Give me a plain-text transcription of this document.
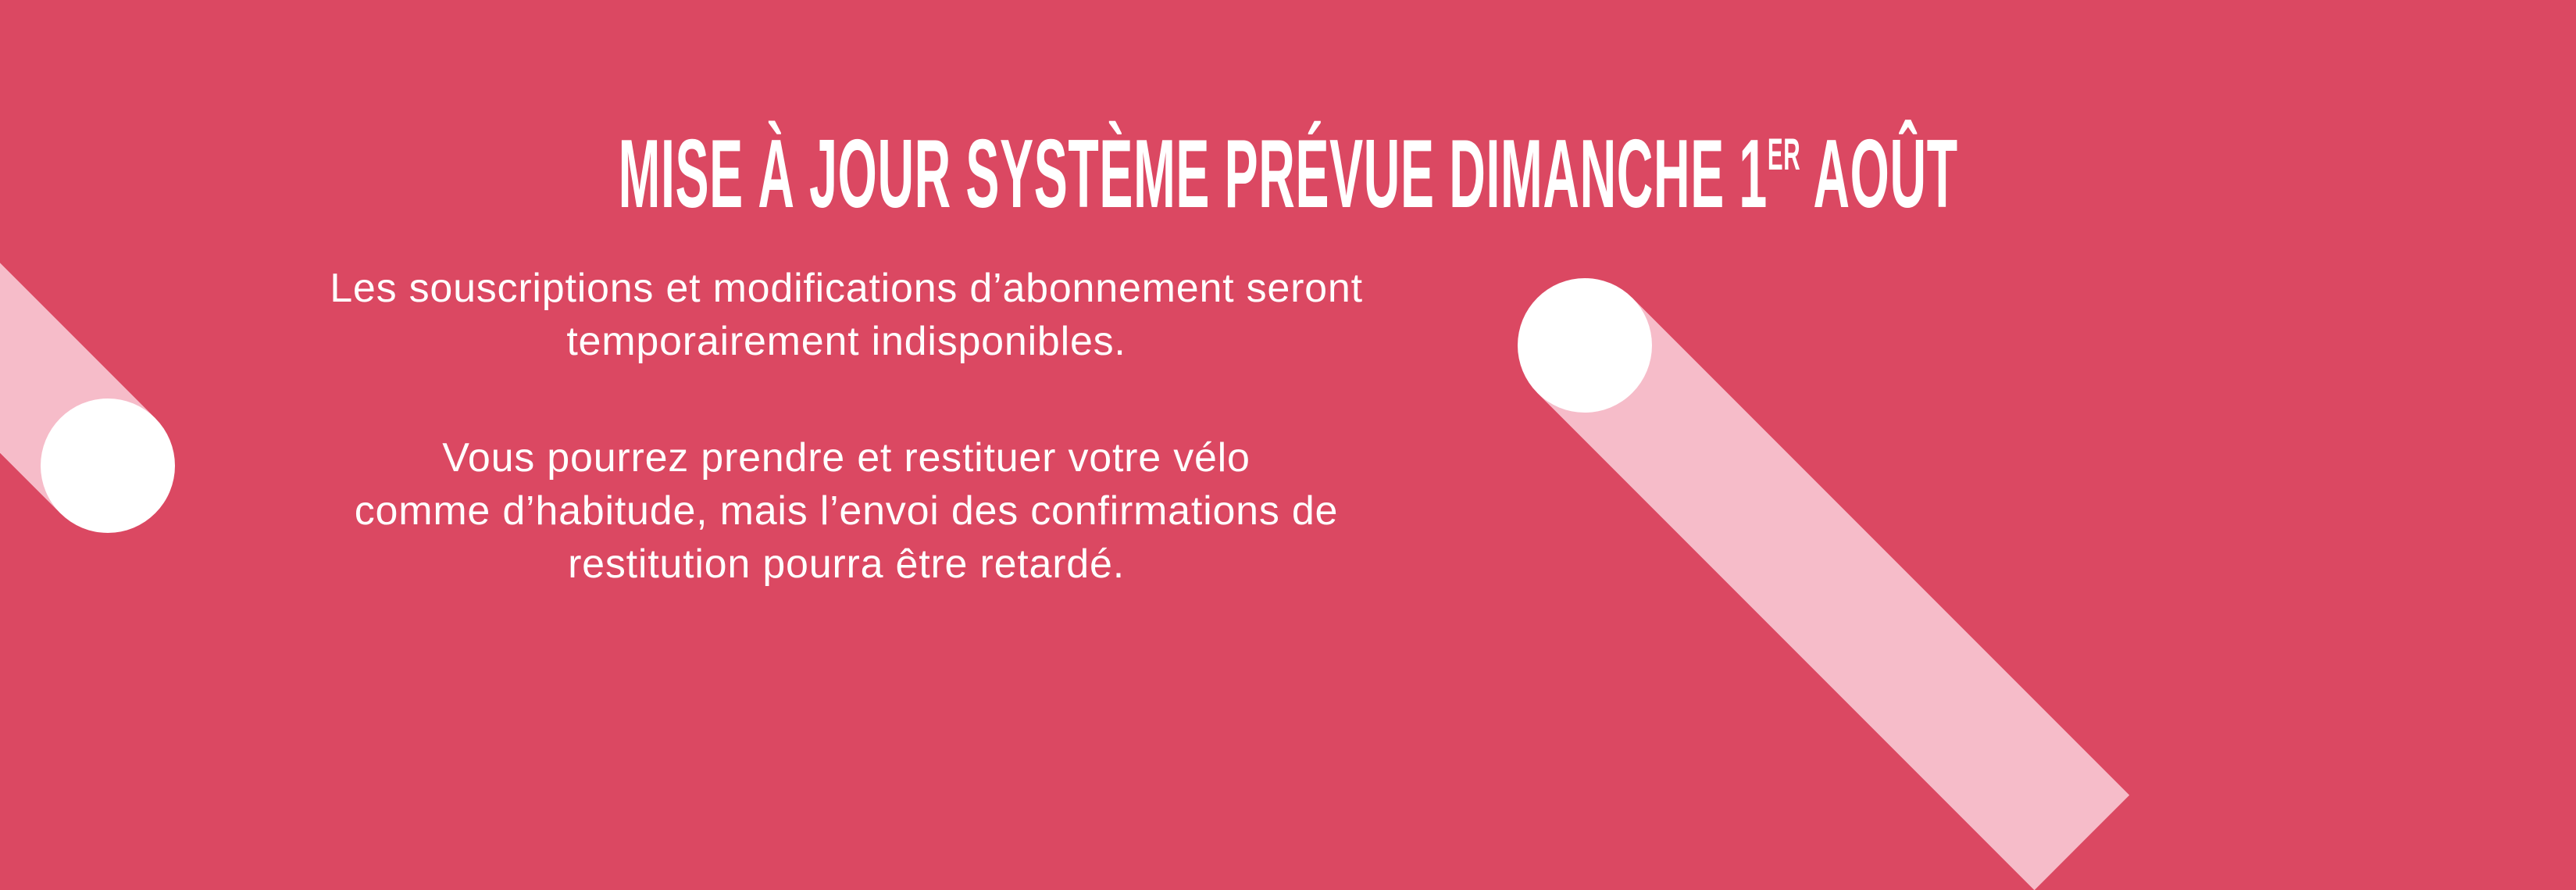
MISE À JOUR SYSTÈME PRÉVUE DIMANCHE 1ER AOÛT

Les souscriptions et modifications d’abonnement seront
temporairement indisponibles.

Vous pourrez prendre et restituer votre vélo
comme d’habitude, mais l’envoi des confirmations de
restitution pourra être retardé.
